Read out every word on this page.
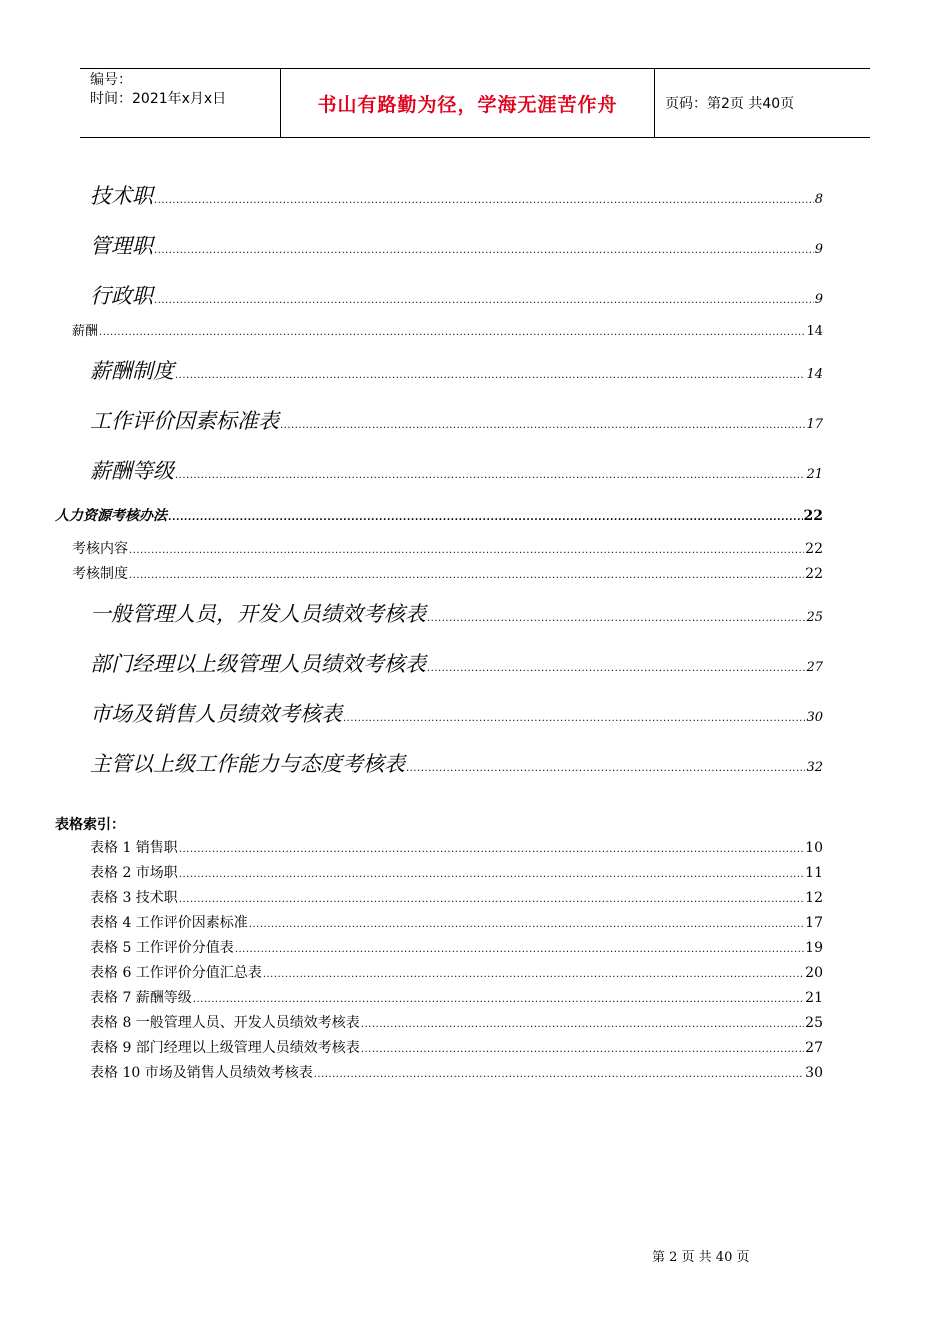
编号：
时间：2021年x月x日	书山有路勤为径，学海无涯苦作舟	页码：第2页 共40页
技术职 .....	8
管理职 .....	9
行政职 .....	9
薪酬 .....	14
薪酬制度 .....	14
工作评价因素标准表 .....	17
薪酬等级 .....	21
人力资源考核办法 .....	22
考核内容 .....	22
考核制度 .....	22
一般管理人员，开发人员绩效考核表 .....	25
部门经理以上级管理人员绩效考核表 .....	27
市场及销售人员绩效考核表 .....	30
主管以上级工作能力与态度考核表 .....	32
表格索引：
表格 1 销售职 .....	10
表格 2 市场职 .....	11
表格 3 技术职 .....	12
表格 4 工作评价因素标准 .....	17
表格 5 工作评价分值表 .....	19
表格 6 工作评价分值汇总表 .....	20
表格 7 薪酬等级 .....	21
表格 8 一般管理人员、开发人员绩效考核表 .....	25
表格 9 部门经理以上级管理人员绩效考核表 .....	27
表格 10 市场及销售人员绩效考核表 .....	30
第 2 页 共 40 页
